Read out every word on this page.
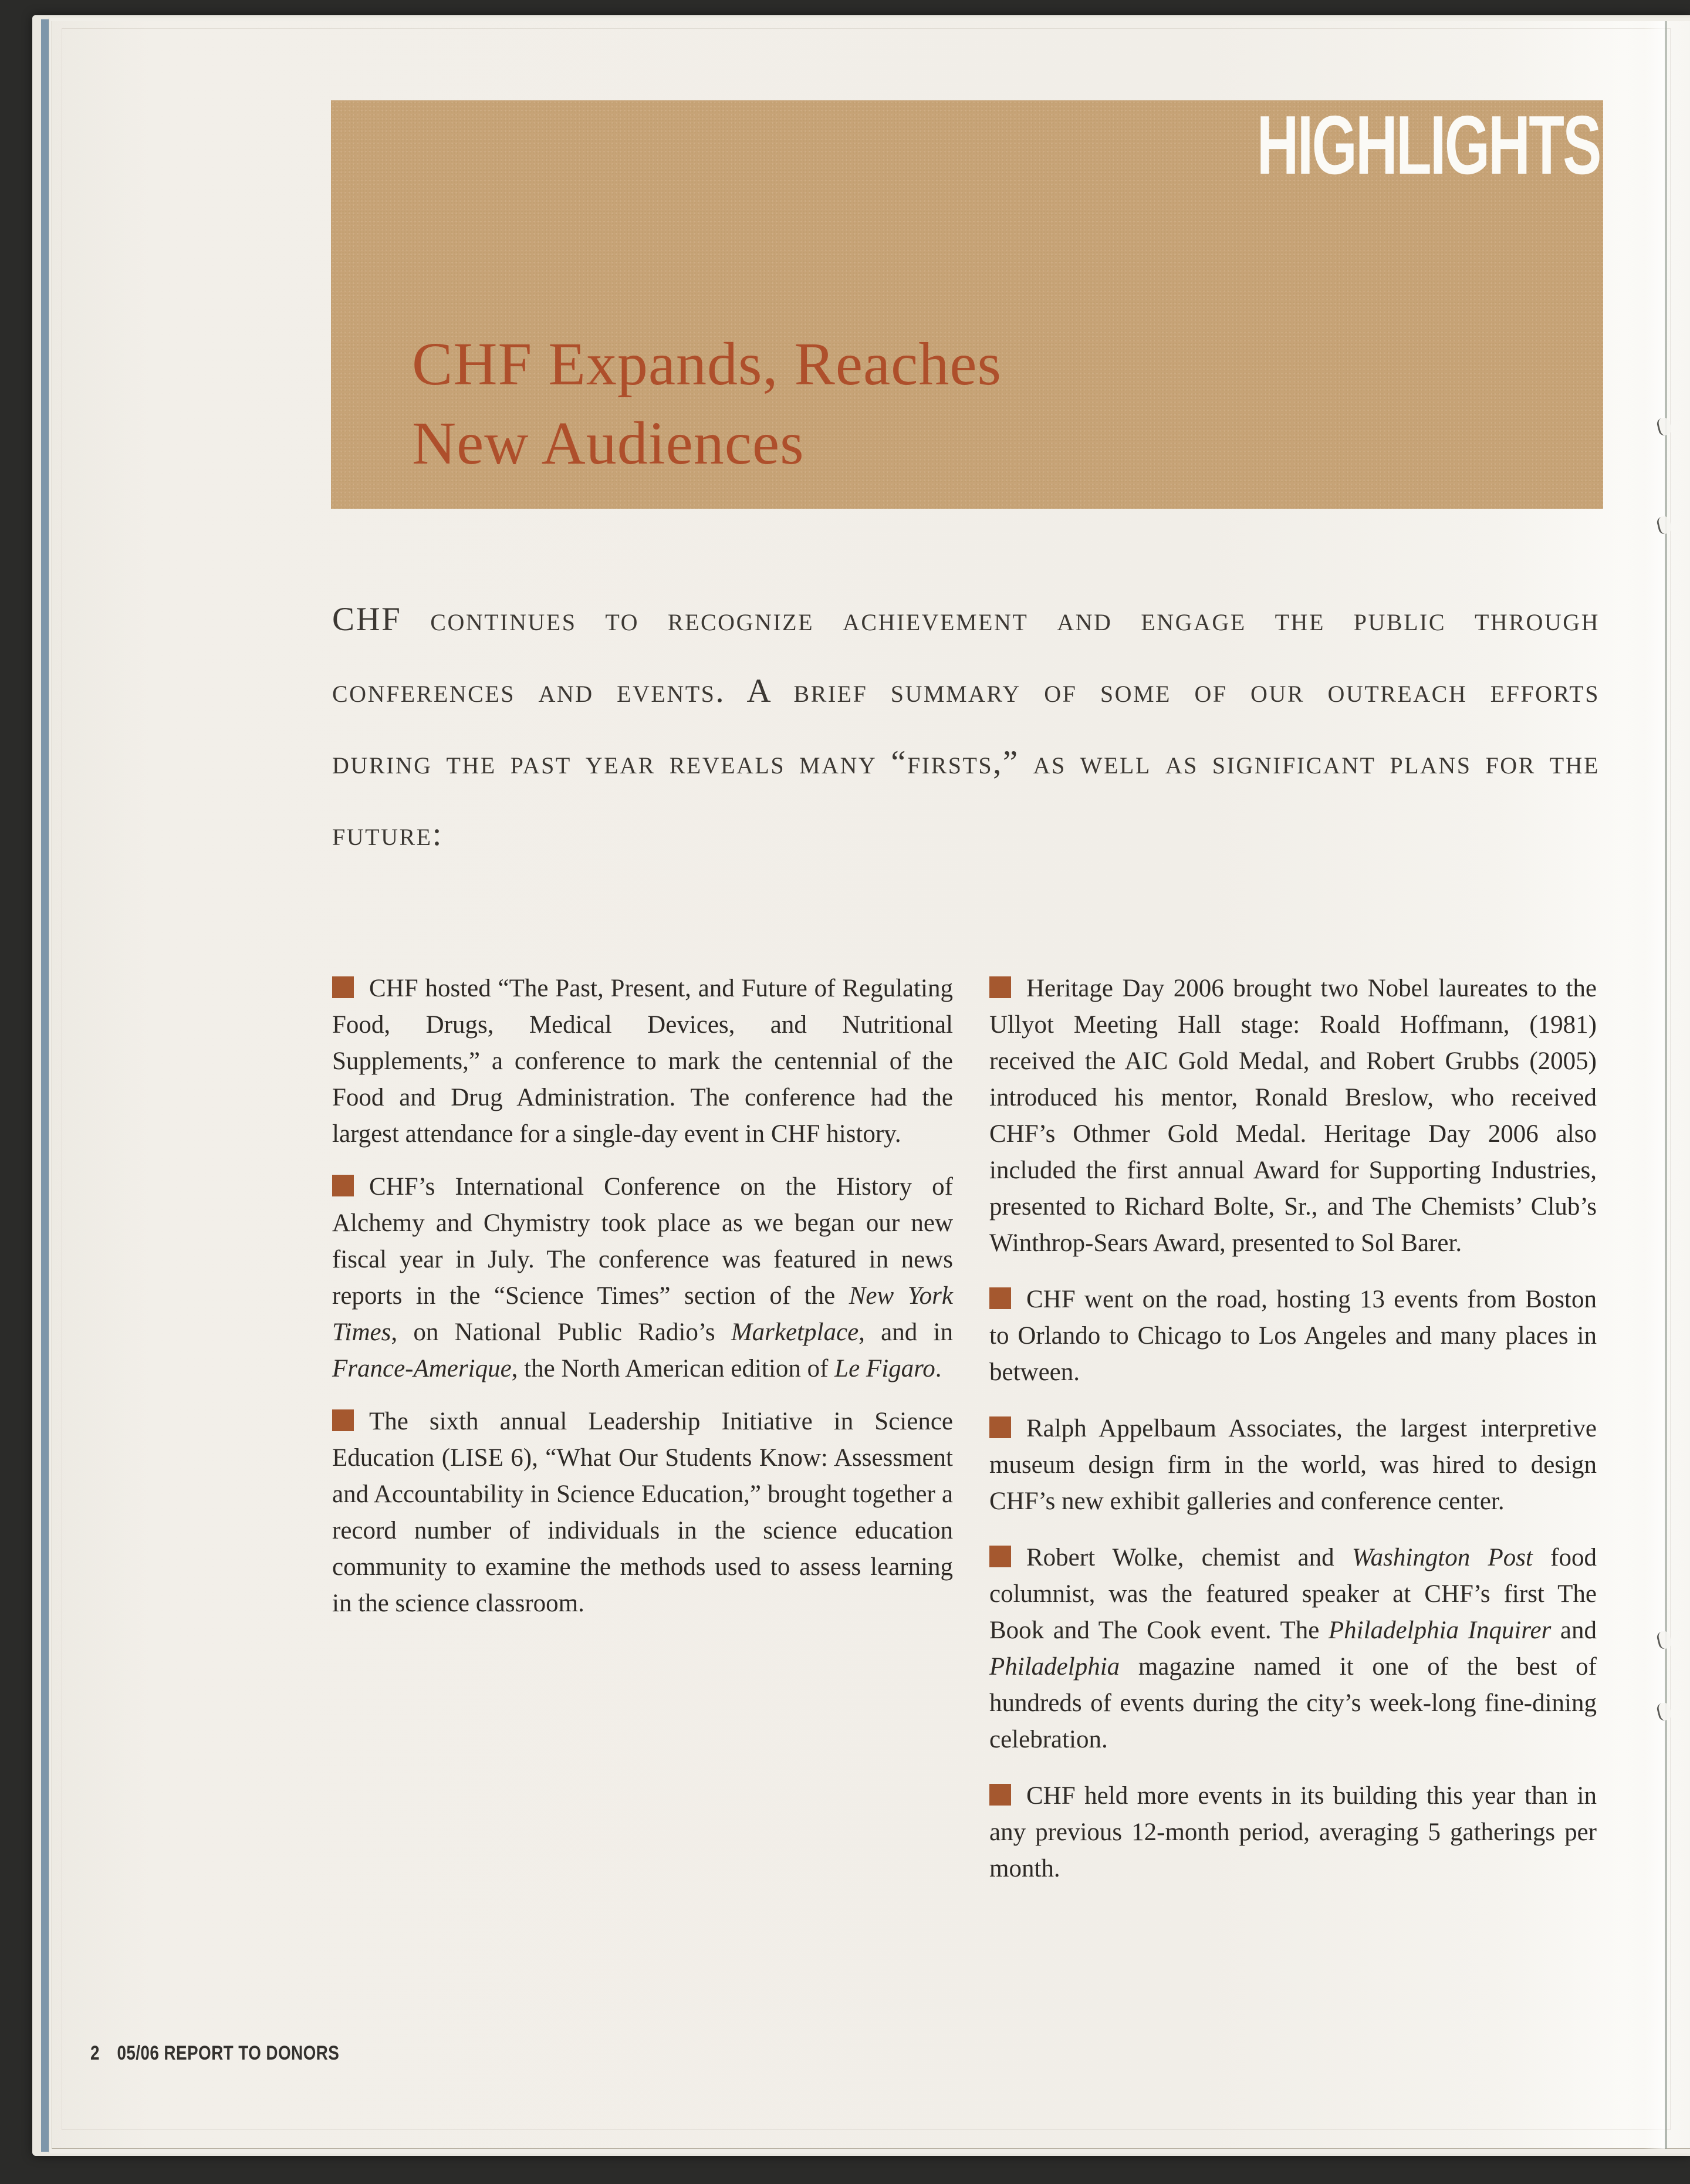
HIGHLIGHTS
CHF Expands, Reaches
New Audiences

CHF continues to recognize achievement and engage the public through conferences and events. A brief summary of some of our outreach efforts during the past year reveals many “firsts,” as well as significant plans for the future:

CHF hosted “The Past, Present, and Future of Regulating Food, Drugs, Medical Devices, and Nutritional Supplements,” a conference to mark the centennial of the Food and Drug Administration. The conference had the largest attendance for a single-day event in CHF history.

CHF’s International Conference on the History of Alchemy and Chymistry took place as we began our new fiscal year in July. The conference was featured in news reports in the “Science Times” section of the New York Times, on National Public Radio’s Marketplace, and in France-Amerique, the North American edition of Le Figaro.

The sixth annual Leadership Initiative in Science Education (LISE 6), “What Our Students Know: Assessment and Accountability in Science Education,” brought together a record number of individuals in the science education community to examine the methods used to assess learning in the science classroom.

Heritage Day 2006 brought two Nobel laureates to the Ullyot Meeting Hall stage: Roald Hoffmann, (1981) received the AIC Gold Medal, and Robert Grubbs (2005) introduced his mentor, Ronald Breslow, who received CHF’s Othmer Gold Medal. Heritage Day 2006 also included the first annual Award for Supporting Industries, presented to Richard Bolte, Sr., and The Chemists’ Club’s Winthrop-Sears Award, presented to Sol Barer.

CHF went on the road, hosting 13 events from Boston to Orlando to Chicago to Los Angeles and many places in between.

Ralph Appelbaum Associates, the largest interpretive museum design firm in the world, was hired to design CHF’s new exhibit galleries and conference center.

Robert Wolke, chemist and Washington Post food columnist, was the featured speaker at CHF’s first The Book and The Cook event. The Philadelphia Inquirer and Philadelphia magazine named it one of the best of hundreds of events during the city’s week-long fine-dining celebration.

CHF held more events in its building this year than in any previous 12-month period, averaging 5 gatherings per month.

2 05/06 REPORT TO DONORS
